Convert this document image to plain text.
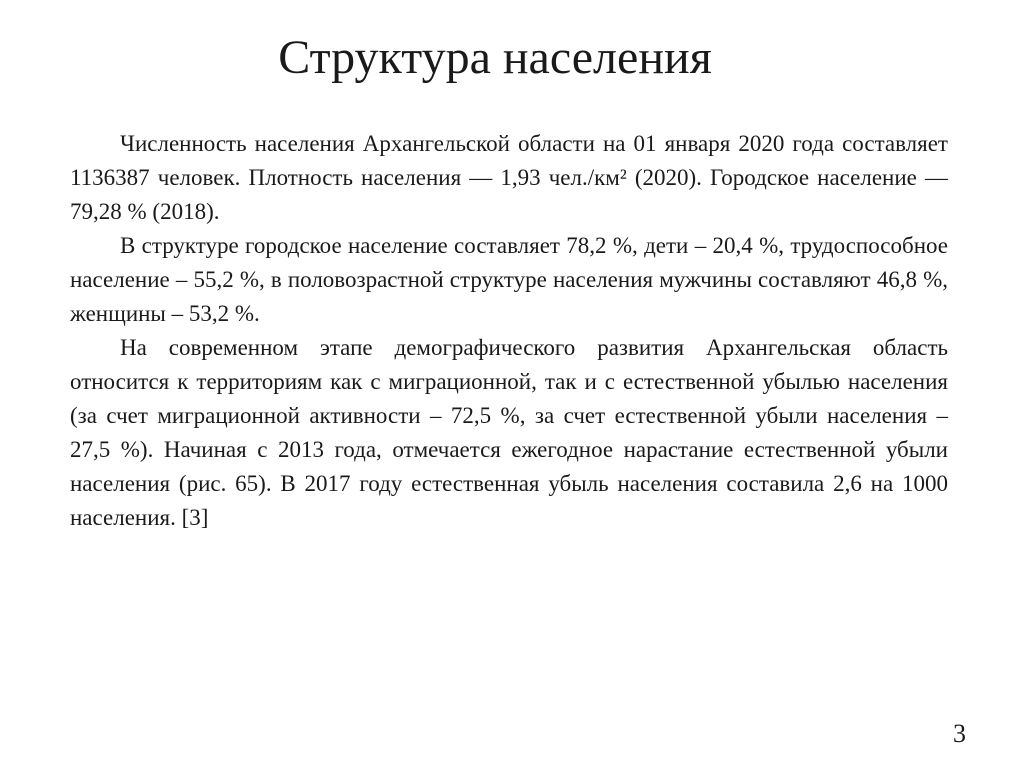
Структура населения

Численность населения Архангельской области на 01 января 2020 года составляет 1136387 человек. Плотность населения — 1,93 чел./км² (2020). Городское население — 79,28 % (2018).

В структуре городское население составляет 78,2 %, дети – 20,4 %, трудоспособное население – 55,2 %, в половозрастной структуре населения мужчины составляют 46,8 %, женщины – 53,2 %.

На современном этапе демографического развития Архангельская область относится к территориям как с миграционной, так и с естественной убылью населения (за счет миграционной активности – 72,5 %, за счет естественной убыли населения – 27,5 %). Начиная с 2013 года, отмечается ежегодное нарастание естественной убыли населения (рис. 65). В 2017 году естественная убыль населения составила 2,6 на 1000 населения. [3]

3
